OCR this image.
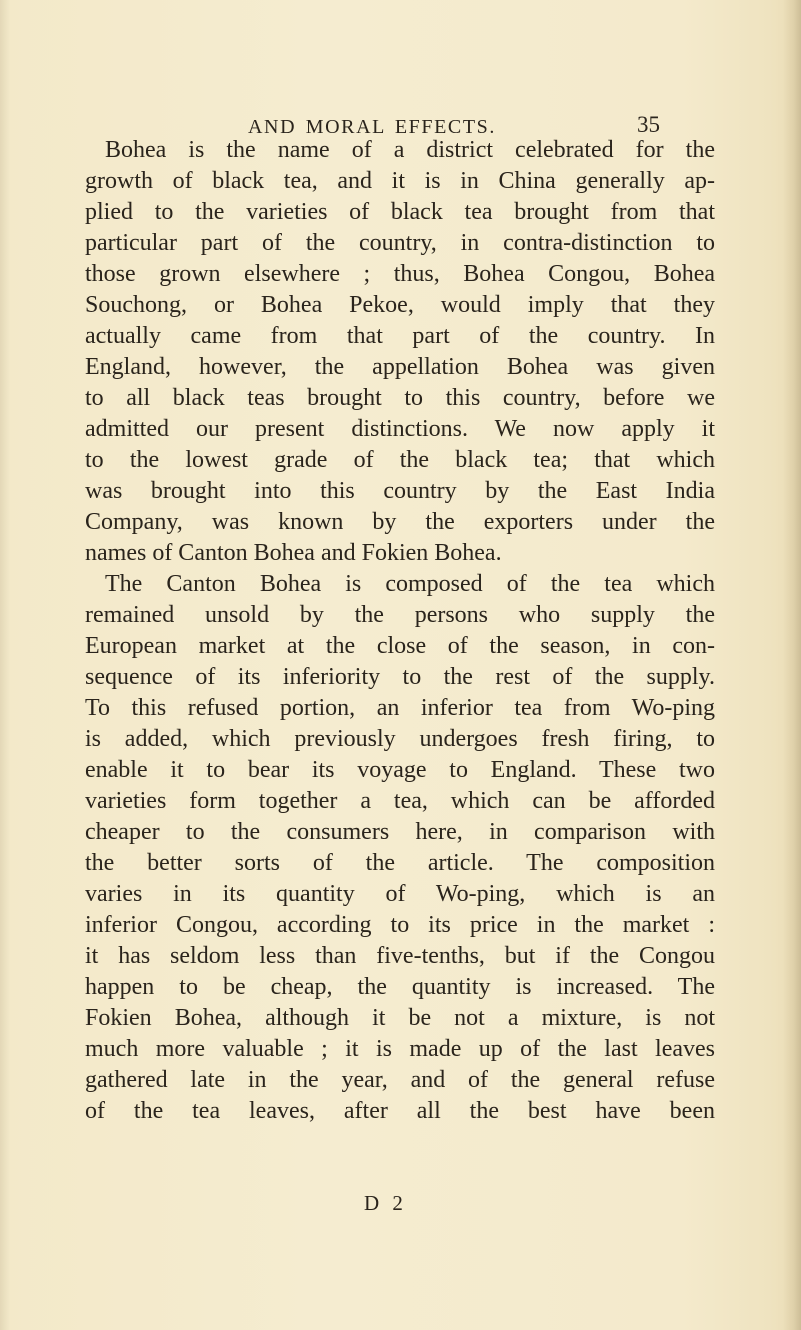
AND MORAL EFFECTS.	35
Bohea is the name of a district celebrated for the
growth of black tea, and it is in China generally ap-
plied to the varieties of black tea brought from that
particular part of the country, in contra-distinction to
those grown elsewhere ; thus, Bohea Congou, Bohea
Souchong, or Bohea Pekoe, would imply that they
actually came from that part of the country. In
England, however, the appellation Bohea was given
to all black teas brought to this country, before we
admitted our present distinctions. We now apply it
to the lowest grade of the black tea; that which
was brought into this country by the East India
Company, was known by the exporters under the
names of Canton Bohea and Fokien Bohea.
The Canton Bohea is composed of the tea which
remained unsold by the persons who supply the
European market at the close of the season, in con-
sequence of its inferiority to the rest of the supply.
To this refused portion, an inferior tea from Wo-ping
is added, which previously undergoes fresh firing, to
enable it to bear its voyage to England. These two
varieties form together a tea, which can be afforded
cheaper to the consumers here, in comparison with
the better sorts of the article. The composition
varies in its quantity of Wo-ping, which is an
inferior Congou, according to its price in the market :
it has seldom less than five-tenths, but if the Congou
happen to be cheap, the quantity is increased. The
Fokien Bohea, although it be not a mixture, is not
much more valuable ; it is made up of the last leaves
gathered late in the year, and of the general refuse
of the tea leaves, after all the best have been
D 2
